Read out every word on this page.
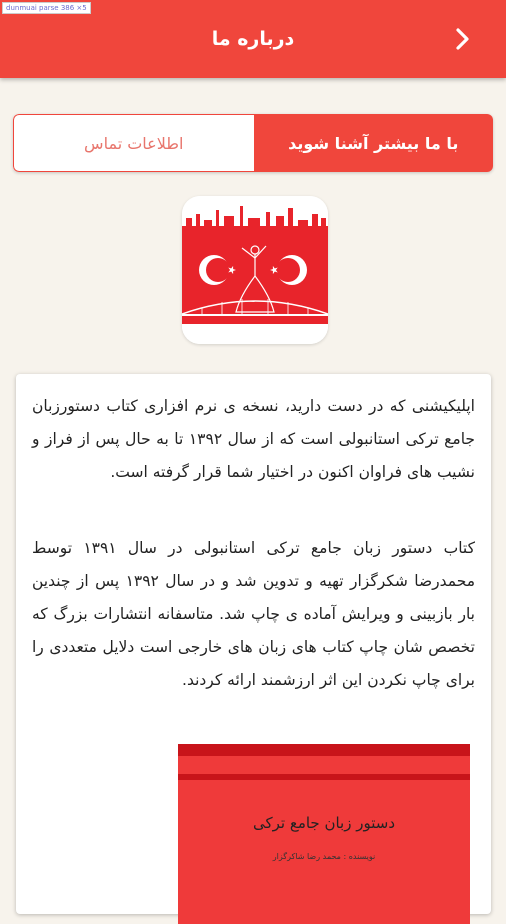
dunmuai parse 386 ×5
درباره ما
با ما بیشتر آشنا شوید
اطلاعات تماس

اپلیکیشنی که در دست دارید، نسخه ی نرم افزاری کتاب دستورزبان جامع ترکی استانبولی است که از سال ۱۳۹۲ تا به حال پس از فراز و نشیب های فراوان اکنون در اختیار شما قرار گرفته است.

کتاب دستور زبان جامع ترکی استانبولی در سال ۱۳۹۱ توسط محمدرضا شکرگزار تهیه و تدوین شد و در سال ۱۳۹۲ پس از چندین بار بازبینی و ویرایش آماده ی چاپ شد. متاسفانه انتشارات بزرگ که تخصص شان چاپ کتاب های زبان های خارجی است دلایل متعددی را برای چاپ نکردن این اثر ارزشمند ارائه کردند.

دستور زبان جامع ترکی
نویسنده : محمد رضا شاکرگزار
